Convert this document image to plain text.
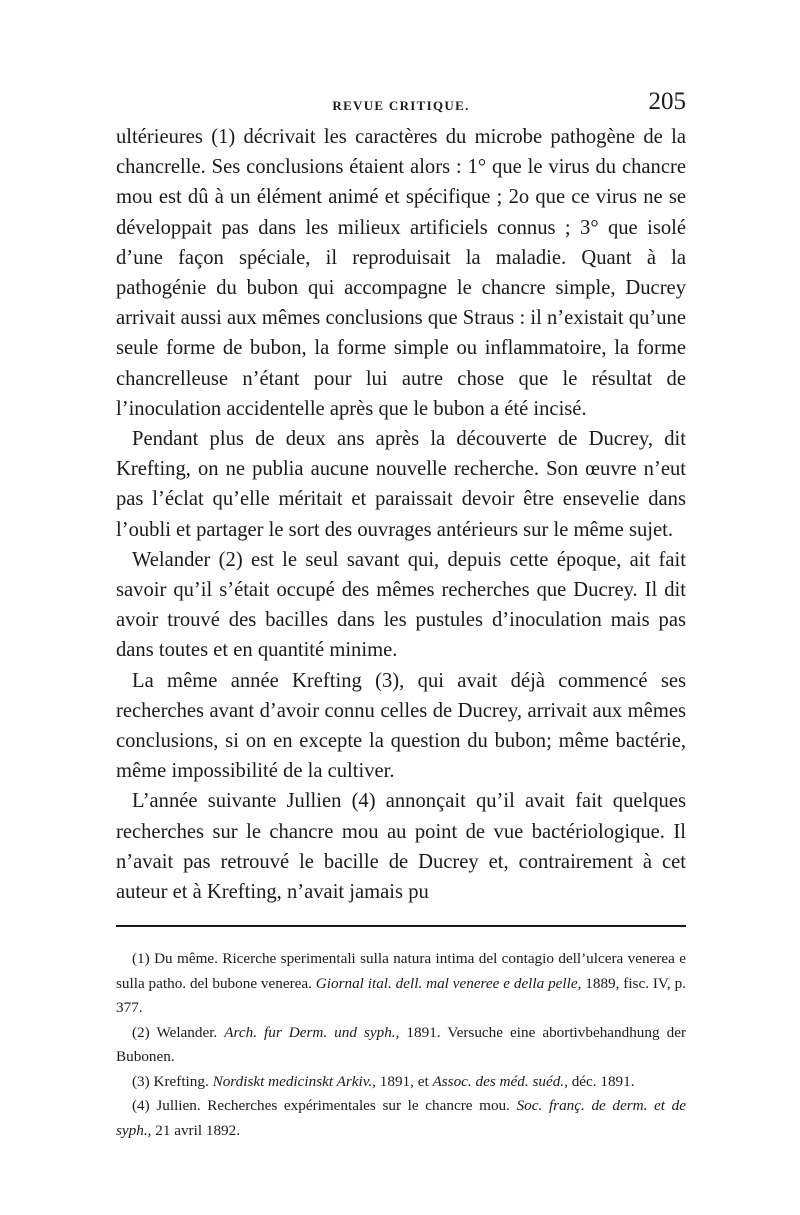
REVUE CRITIQUE.	205

ultérieures (1) décrivait les caractères du microbe pathogène de la chancrelle. Ses conclusions étaient alors : 1° que le virus du chancre mou est dû à un élément animé et spécifique ; 2o que ce virus ne se développait pas dans les milieux artificiels connus ; 3° que isolé d’une façon spéciale, il reproduisait la maladie. Quant à la pathogénie du bubon qui accompagne le chancre simple, Ducrey arrivait aussi aux mêmes conclusions que Straus : il n’existait qu’une seule forme de bubon, la forme simple ou inflammatoire, la forme chancrelleuse n’étant pour lui autre chose que le résultat de l’inoculation accidentelle après que le bubon a été incisé.

Pendant plus de deux ans après la découverte de Ducrey, dit Krefting, on ne publia aucune nouvelle recherche. Son œuvre n’eut pas l’éclat qu’elle méritait et paraissait devoir être ensevelie dans l’oubli et partager le sort des ouvrages antérieurs sur le même sujet.

Welander (2) est le seul savant qui, depuis cette époque, ait fait savoir qu’il s’était occupé des mêmes recherches que Ducrey. Il dit avoir trouvé des bacilles dans les pustules d’inoculation mais pas dans toutes et en quantité minime.

La même année Krefting (3), qui avait déjà commencé ses recherches avant d’avoir connu celles de Ducrey, arrivait aux mêmes conclusions, si on en excepte la question du bubon; même bactérie, même impossibilité de la cultiver.

L’année suivante Jullien (4) annonçait qu’il avait fait quelques recherches sur le chancre mou au point de vue bactériologique. Il n’avait pas retrouvé le bacille de Ducrey et, contrairement à cet auteur et à Krefting, n’avait jamais pu

(1) Du même. Ricerche sperimentali sulla natura intima del contagio dell’ulcera venerea e sulla patho. del bubone venerea. Giornal ital. dell. mal veneree e della pelle, 1889, fisc. IV, p. 377.

(2) Welander. Arch. fur Derm. und syph., 1891. Versuche eine abortivbehandhung der Bubonen.

(3) Krefting. Nordiskt medicinskt Arkiv., 1891, et Assoc. des méd. suéd., déc. 1891.

(4) Jullien. Recherches expérimentales sur le chancre mou. Soc. franç. de derm. et de syph., 21 avril 1892.
